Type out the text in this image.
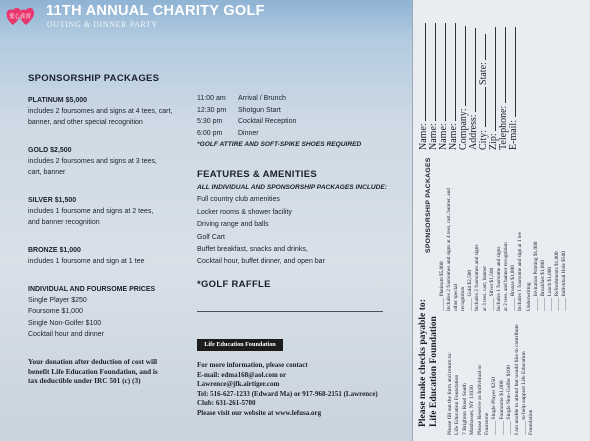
愛心義賣 11TH ANNUAL CHARITY GOLF
OUTING & DINNER PARTY
SPONSORSHIP PACKAGES
PLATINUM $5,000
includes 2 foursomes and signs at 4 tees, cart,
banner, and other special recognition
GOLD $2,500
includes 2 foursomes and signs at 3 tees,
cart, banner
SILVER $1,500
includes 1 foursome and signs at 2 tees,
and banner recognition
BRONZE $1,000
includes 1 foursome and sign at 1 tee
INDIVIDUAL AND FOURSOME PRICES
Single Player $250
Foursome $1,000
Single Non-Golfer $100
Cocktail hour and dinner
Your donation after deduction of cost will
benefit Life Education Foundation, and is
tax deductible under IRC 501 (c) (3)
11:00 am Arrival / Brunch
12:30 pm Shotgun Start
5:30 pm Cocktail Reception
6:00 pm Dinner
*GOLF ATTIRE AND SOFT-SPIKE SHOES REQUIRED
FEATURES & AMENITIES
ALL INDIVIDUAL AND SPONSORSHIP PACKAGES INCLUDE:
Full country club amenities
Locker rooms & shower facility
Driving range and balls
Golf Cart
Buffet breakfast, snacks and drinks,
Cocktail hour, buffet dinner, and open bar
*GOLF RAFFLE
Life Education Foundation
For more information, please contact
E-mail: edma168@aol.com or
Lawrence@jfk.airtiger.com
Tel: 516-627-1233 (Edward Ma) or 917-968-2151 (Lawrence)
Club: 631-261-5700
Please visit our website at www.lefusa.org	Please make checks payable to: Life Education Foundation
SPONSORSHIP PACKAGES
_____ Platinum $5,000 Includes 2 foursomes and signs at 4 tees, cart, banner, and other special recognition _____ Gold $2,500 Includes 2 foursomes and signs at 3 tees, cart, banner _____ Silver $1,500 Includes 1 foursome and signs at 2 tees, and banner recognition _____ Bronze $1,000 Includes 1 foursome and sign at 1 tee Underwriting _____ Invitation Printing $1,000 _____ Breakfast $1,000 _____ Lunch $1,000 _____ Refreshments $1,000 _____ Individual Hole $500
Please fill out the form and return to: Life Education Foundation 7 Brighton Road South Manhasset, NY 11030 Please Reserve as Individual or Foursome _____ Single Player $250 _____ Foursome $1,000 _____ Single Non-Golfer $100 I am unable to attend but would like to contribute _____ to help support Life Education Foundation
Name: Name: Name: Name: Company: Address: City:  State:
Zip: Telephone: E-mail:
